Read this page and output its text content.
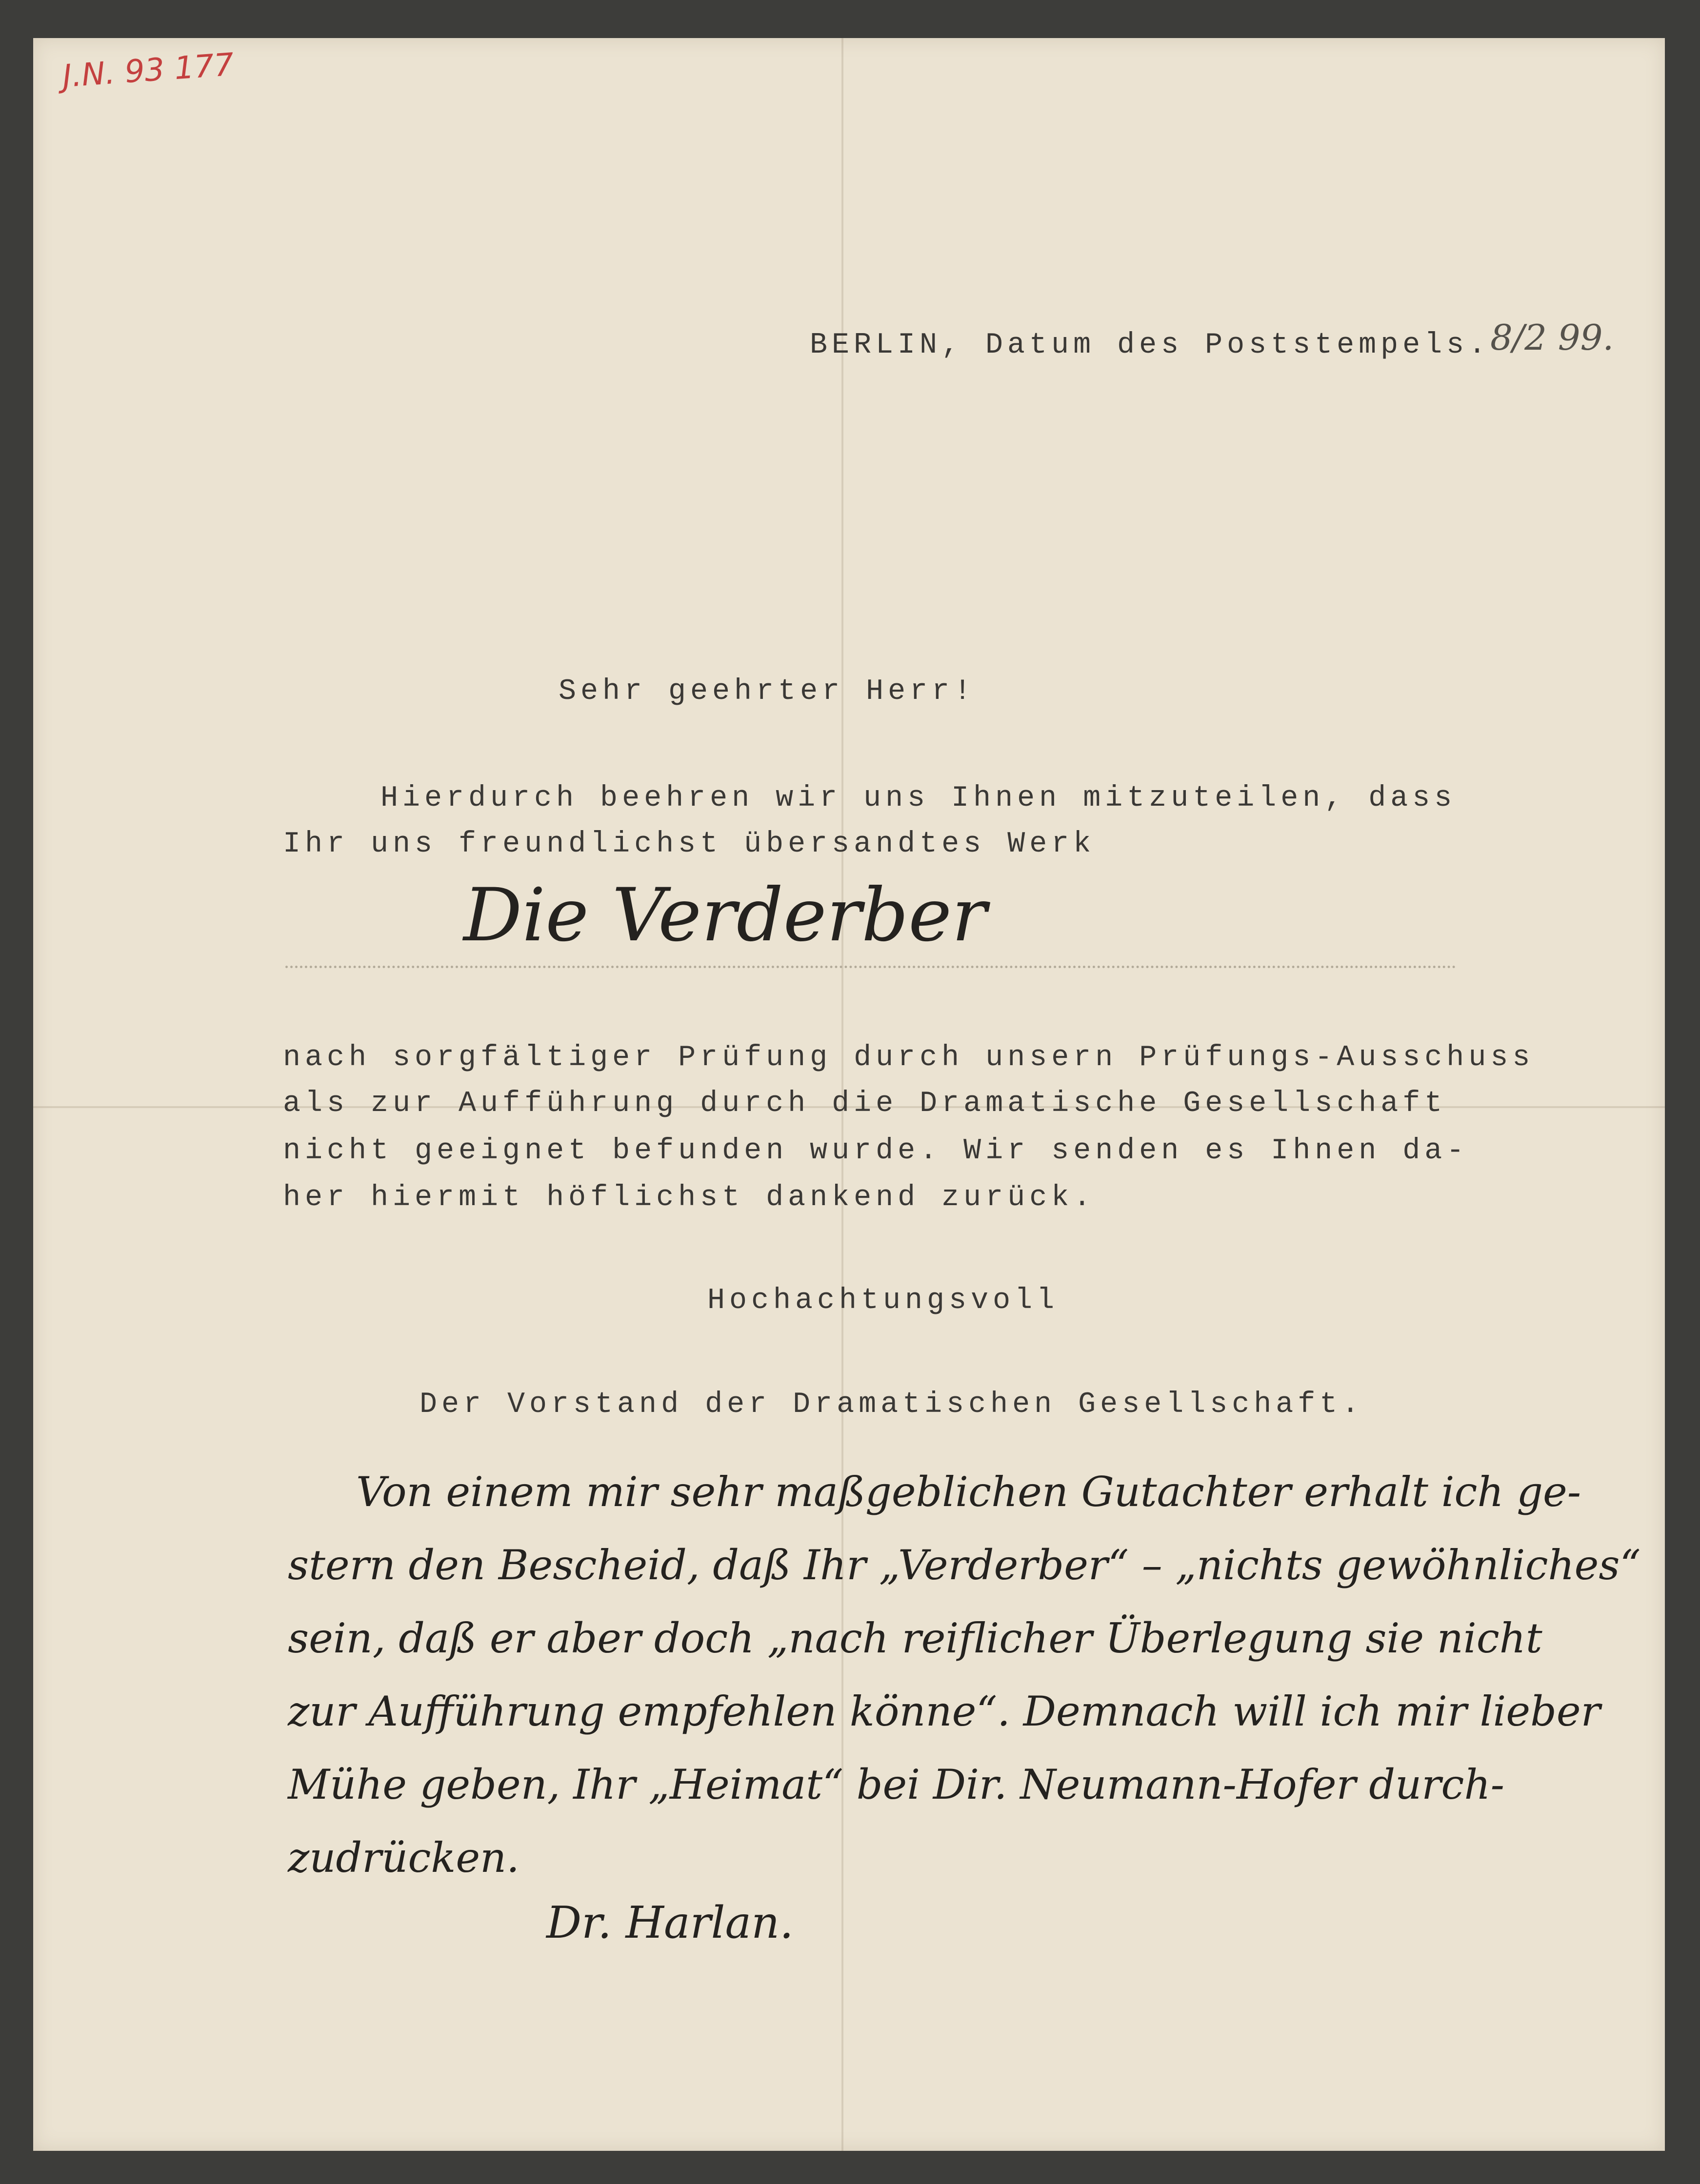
J.N. 93 177

BERLIN, Datum des Poststempels. 8/2 99.

Sehr geehrter Herr!

Hierdurch beehren wir uns Ihnen mitzuteilen, dass

Ihr uns freundlichst übersandtes Werk

Die Verderber

nach sorgfältiger Prüfung durch unsern Prüfungs-Ausschuss

als zur Aufführung durch die Dramatische Gesellschaft

nicht geeignet befunden wurde. Wir senden es Ihnen da-

her hiermit höflichst dankend zurück.

Hochachtungsvoll

Der Vorstand der Dramatischen Gesellschaft.

Von einem mir sehr maßgeblichen Gutachter erhalt ich ge-

stern den Bescheid, daß Ihr „Verderber“ – „nichts gewöhnliches“

sein, daß er aber doch „nach reiflicher Überlegung sie nicht

zur Aufführung empfehlen könne“. Demnach will ich mir lieber

Mühe geben, Ihr „Heimat“ bei Dir. Neumann-Hofer durch-

zudrücken.

Dr. Harlan.
